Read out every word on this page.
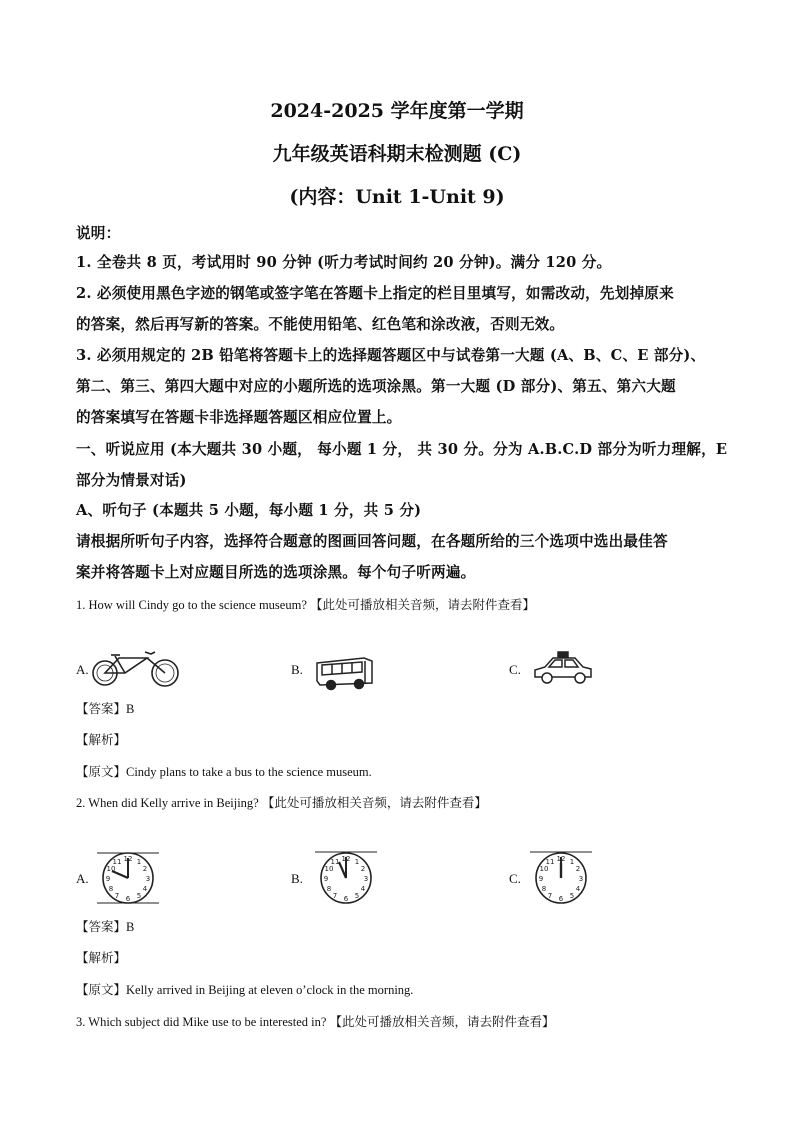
2024-2025 学年度第一学期
九年级英语科期末检测题 (C)
(内容：Unit 1-Unit 9)
说明：
1. 全卷共 8 页，考试用时 90 分钟 (听力考试时间约 20 分钟)。满分 120 分。
2. 必须使用黑色字迹的钢笔或签字笔在答题卡上指定的栏目里填写，如需改动，先划掉原来
的答案，然后再写新的答案。不能使用铅笔、红色笔和涂改液，否则无效。
3. 必须用规定的 2B 铅笔将答题卡上的选择题答题区中与试卷第一大题 (A、B、C、E 部分)、
第二、第三、第四大题中对应的小题所选的选项涂黑。第一大题 (D 部分)、第五、第六大题
的答案填写在答题卡非选择题答题区相应位置上。
一、听说应用 (本大题共 30 小题， 每小题 1 分， 共 30 分。分为 A.B.C.D 部分为听力理解，E
部分为情景对话)
A、听句子 (本题共 5 小题，每小题 1 分，共 5 分)
请根据所听句子内容，选择符合题意的图画回答问题，在各题所给的三个选项中选出最佳答
案并将答题卡上对应题目所选的选项涂黑。每个句子听两遍。
1. How will Cindy go to the science museum? 【此处可播放相关音频，请去附件查看】
A.	B.	C.
【答案】B
【解析】
【原文】Cindy plans to take a bus to the science museum.
2. When did Kelly arrive in Beijing? 【此处可播放相关音频，请去附件查看】
A.
12
3
6
9
1
2
4
5
7
8
10
11
B.
12
3
6
9
1
2
4
5
7
8
10
11
C.
12
3
6
9
1
2
4
5
7
8
10
11
【答案】B
【解析】
【原文】Kelly arrived in Beijing at eleven o’clock in the morning.
3. Which subject did Mike use to be interested in? 【此处可播放相关音频，请去附件查看】
